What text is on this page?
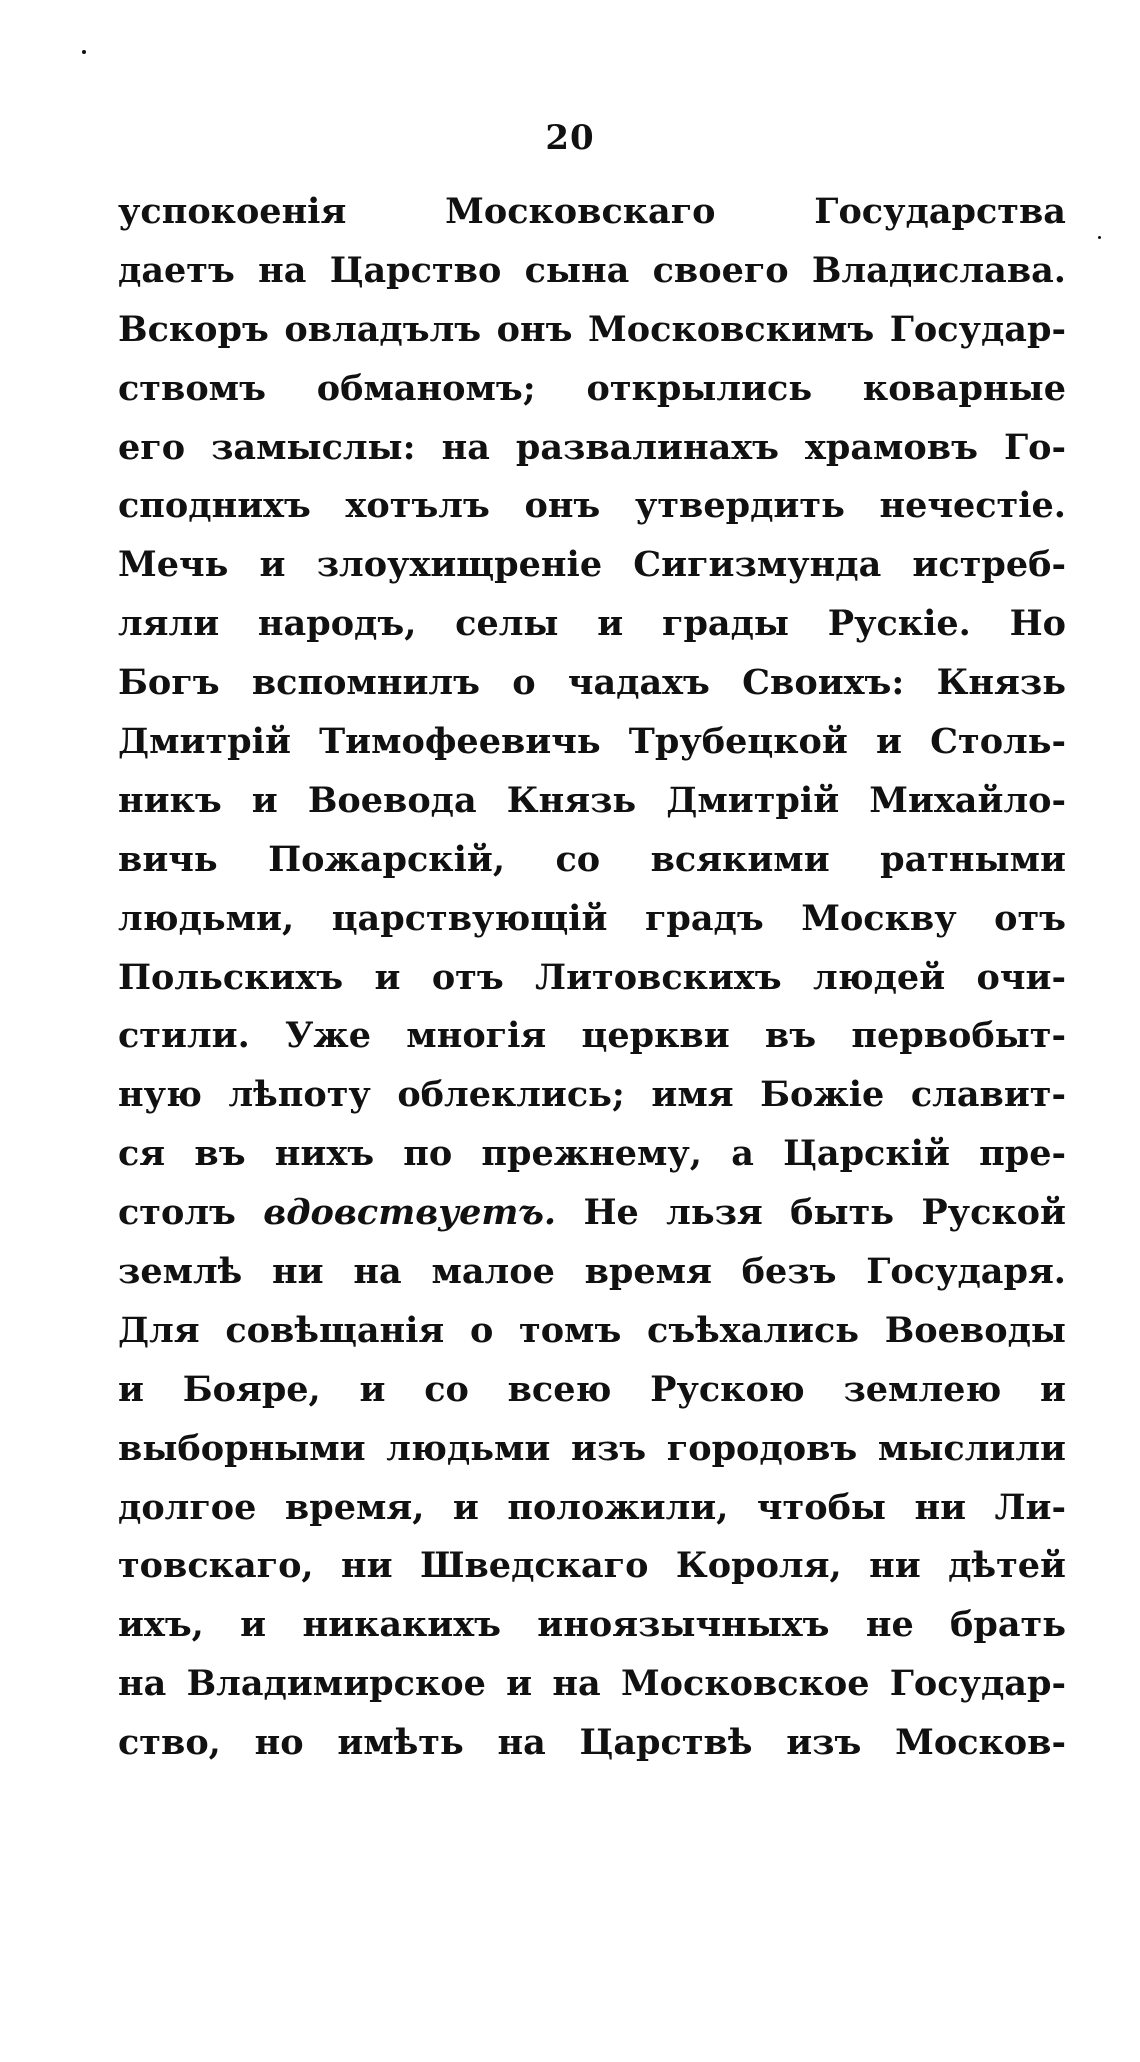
20
успокоенія Московскаго Государства
даетъ на Царство сына своего Владислава.
Вскоръ овладълъ онъ Московскимъ Государ-
ствомъ обманомъ; открылись коварные
его замыслы: на развалинахъ храмовъ Го-
споднихъ хотълъ онъ утвердить нечестіе.
Мечь и злоухищреніе Сигизмунда истреб-
ляли народъ, селы и грады Рускіе. Но
Богъ вспомнилъ о чадахъ Своихъ: Князь
Дмитрій Тимофеевичь Трубецкой и Столь-
никъ и Воевода Князь Дмитрій Михайло-
вичь Пожарскій, со всякими ратными
людьми, царствующій градъ Москву отъ
Польскихъ и отъ Литовскихъ людей очи-
стили. Уже многія церкви въ первобыт-
ную лѣпоту облеклись; имя Божіе славит-
ся въ нихъ по прежнему, а Царскій пре-
столъ вдовствуетъ. Не льзя быть Руской
землѣ ни на малое время безъ Государя.
Для совѣщанія о томъ съѣхались Воеводы
и Бояре, и со всею Рускою землею и
выборными людьми изъ городовъ мыслили
долгое время, и положили, чтобы ни Ли-
товскаго, ни Шведскаго Короля, ни дѣтей
ихъ, и никакихъ иноязычныхъ не брать
на Владимирское и на Московское Государ-
ство, но имѣть на Царствѣ изъ Москов-
